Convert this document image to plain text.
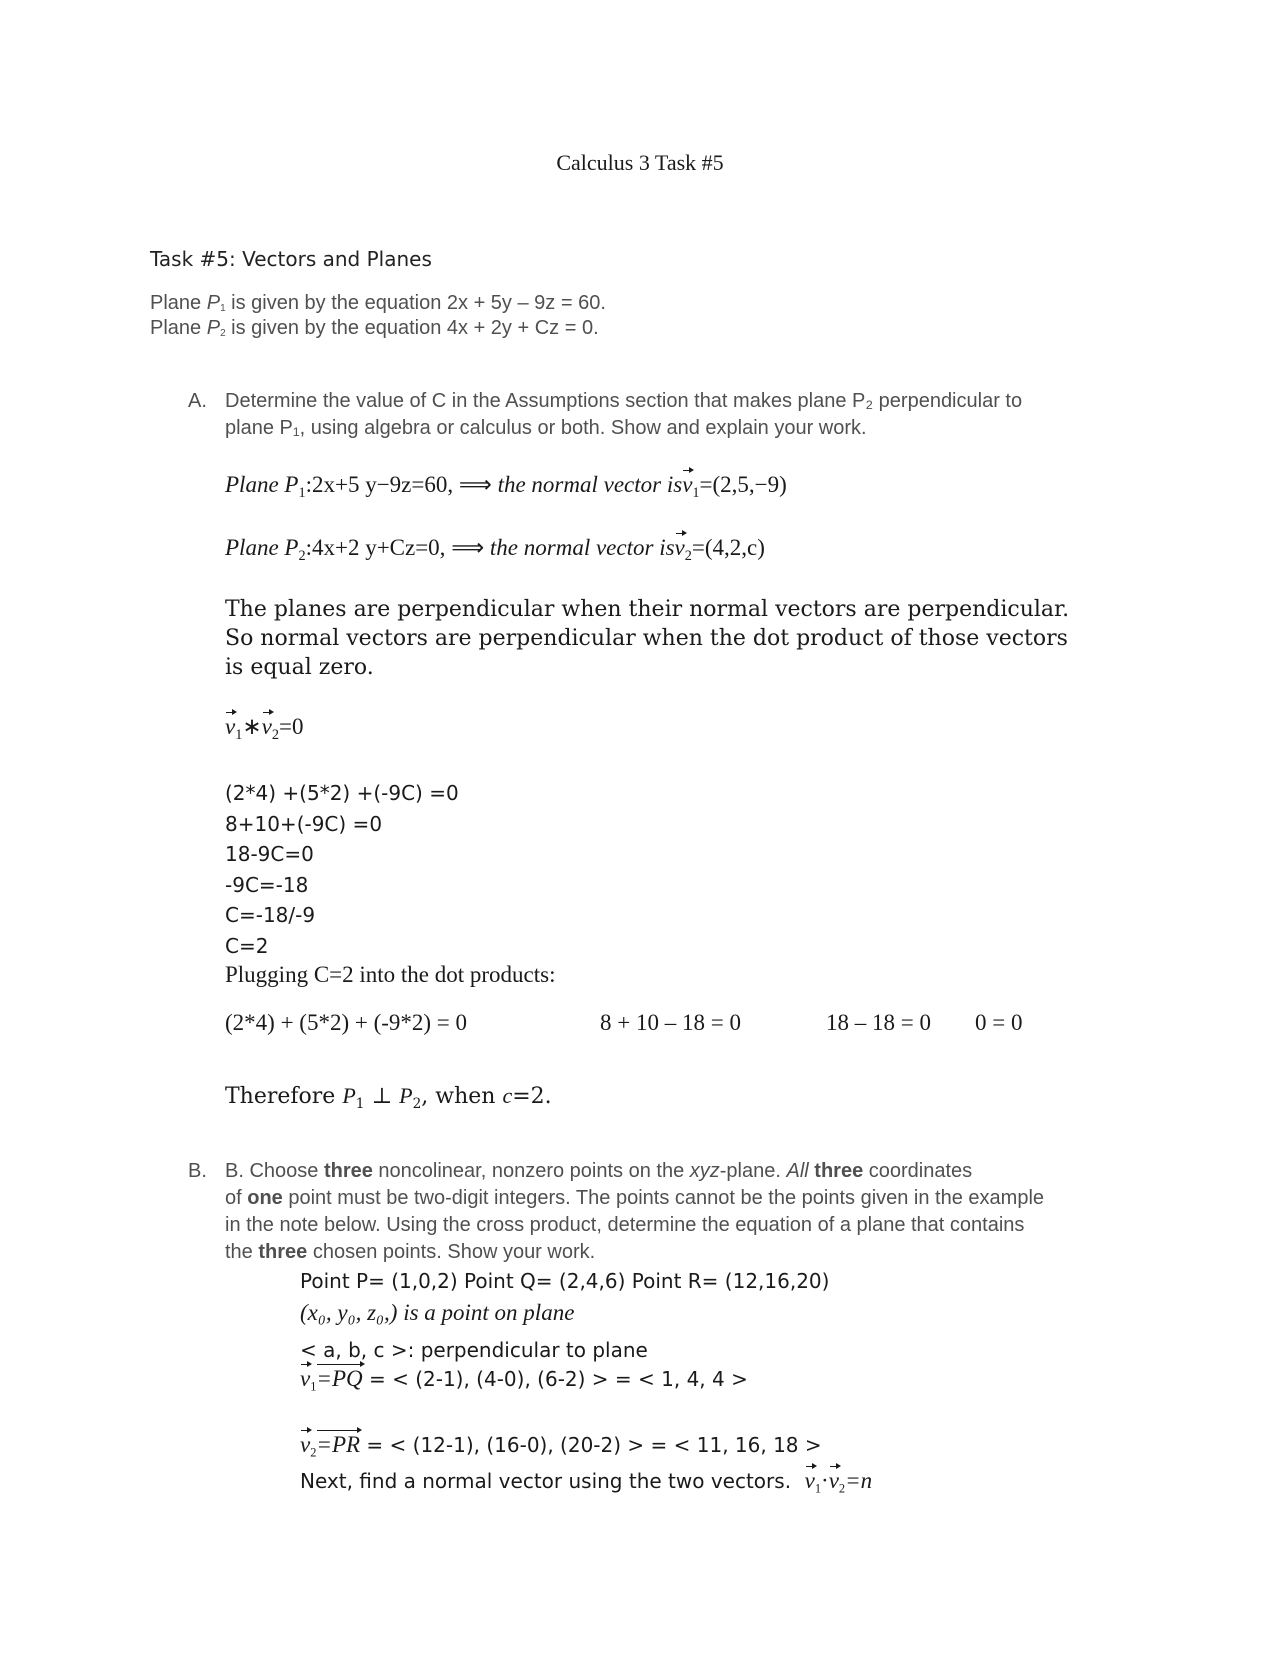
Calculus 3 Task #5
Task #5: Vectors and Planes
Plane P1 is given by the equation 2x + 5y – 9z = 60.
Plane P2 is given by the equation 4x + 2y + Cz = 0.
A. Determine the value of C in the Assumptions section that makes plane P₂ perpendicular to
plane P₁, using algebra or calculus or both. Show and explain your work.
Plane $P_1:2x+5$ y−9z=60, ⟹ the normal vector isv$_1$=(2,5,−9)
Plane $P_2:4x+2$ y+Cz=0, ⟹ the normal vector isv$_2$=(4,2,c)
The planes are perpendicular when their normal vectors are perpendicular.
So normal vectors are perpendicular when the dot product of those vectors
is equal zero.
$v_1∗v_2=0$
(2*4) +(5*2) +(-9C) =0
8+10+(-9C) =0
18-9C=0
-9C=-18
C=-18/-9
C=2
Plugging C=2 into the dot products:
(2*4) + (5*2) + (-9*2) = 0	8 + 10 – 18 = 0	18 – 18 = 0 0 = 0
Therefore $P_1$ ⊥ $P_2$, when c=2.
B. B. Choose three noncolinear, nonzero points on the xyz-plane. All three coordinates
of one point must be two-digit integers. The points cannot be the points given in the example
in the note below. Using the cross product, determine the equation of a plane that contains
the three chosen points. Show your work.
Point P= (1,0,2) Point Q= (2,4,6) Point R= (12,16,20)
(x₀, y₀, z₀,) is a point on plane
< a, b, c >: perpendicular to plane
$v_1=PQ$ = < (2-1), (4-0), (6-2) > = < 1, 4, 4 >
$v_2=PR$ = < (12-1), (16-0), (20-2) > = < 11, 16, 18 >
Next, find a normal vector using the two vectors. $v_1\cdot v_2=n$
